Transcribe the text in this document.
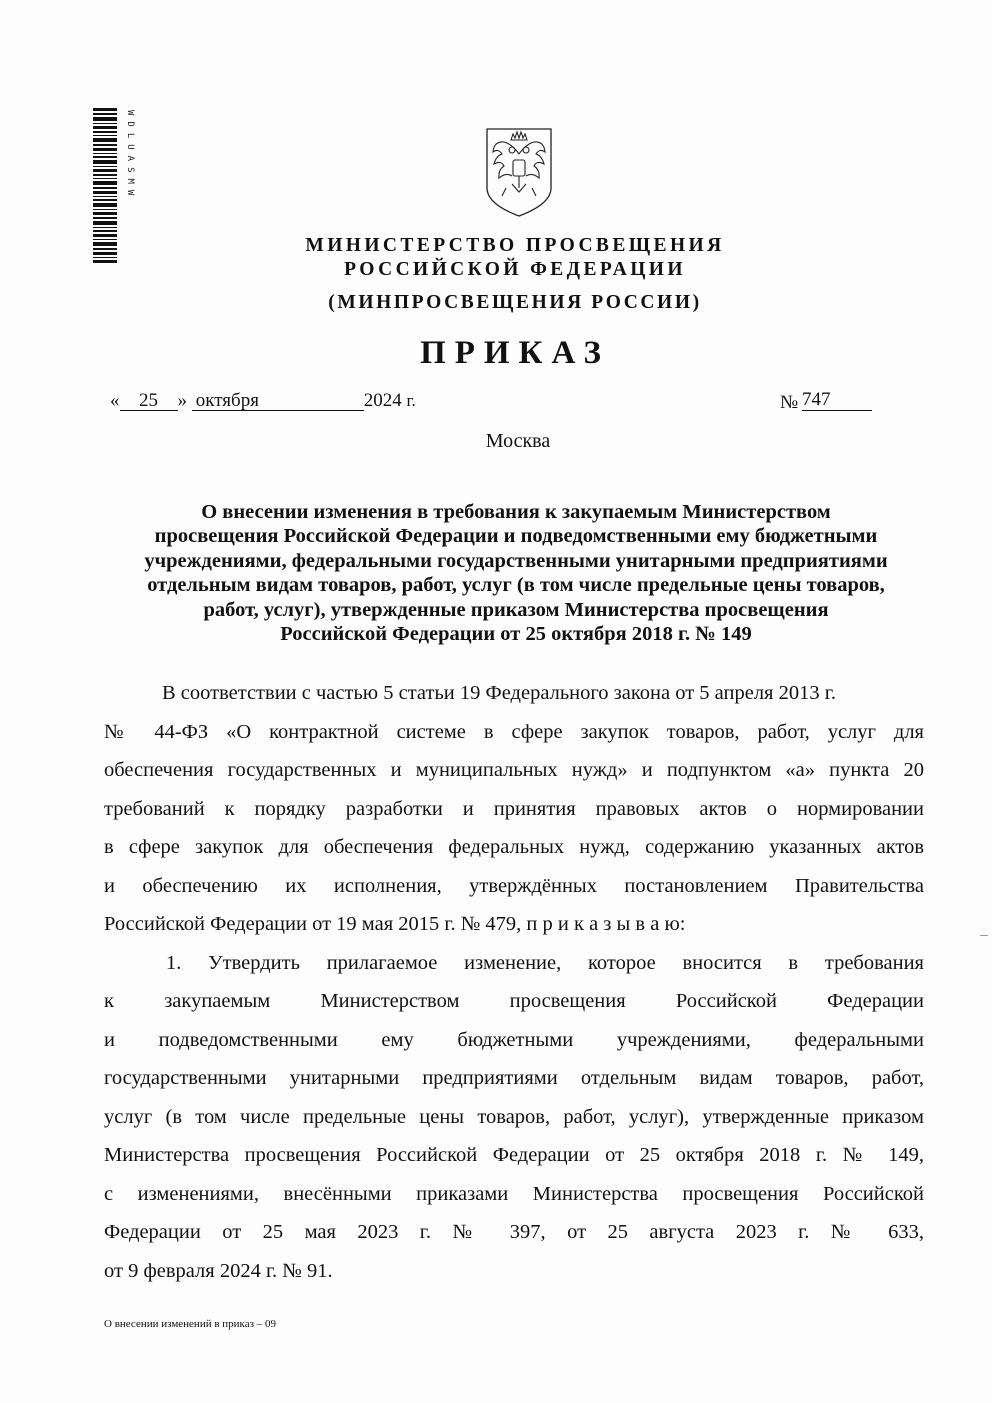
WDLUASMW
МИНИСТЕРСТВО ПРОСВЕЩЕНИЯ
РОССИЙСКОЙ ФЕДЕРАЦИИ
(МИНПРОСВЕЩЕНИЯ РОССИИ)
ПРИКАЗ
« 25 » октября	2024 г.	№ 747
Москва
О внесении изменения в требования к закупаемым Министерством
просвещения Российской Федерации и подведомственными ему бюджетными
учреждениями, федеральными государственными унитарными предприятиями
отдельным видам товаров, работ, услуг (в том числе предельные цены товаров,
работ, услуг), утвержденные приказом Министерства просвещения
Российской Федерации от 25 октября 2018 г. № 149
В соответствии с частью 5 статьи 19 Федерального закона от 5 апреля 2013 г.
№ 44-ФЗ «О контрактной системе в сфере закупок товаров, работ, услуг для
обеспечения государственных и муниципальных нужд» и подпунктом «а» пункта 20
требований к порядку разработки и принятия правовых актов о нормировании
в сфере закупок для обеспечения федеральных нужд, содержанию указанных актов
и обеспечению их исполнения, утверждённых постановлением Правительства
Российской Федерации от 19 мая 2015 г. № 479, п р и к а з ы в а ю:
1. Утвердить прилагаемое изменение, которое вносится в требования
к закупаемым Министерством просвещения Российской Федерации
и подведомственными ему бюджетными учреждениями, федеральными
государственными унитарными предприятиями отдельным видам товаров, работ,
услуг (в том числе предельные цены товаров, работ, услуг), утвержденные приказом
Министерства просвещения Российской Федерации от 25 октября 2018 г. № 149,
с изменениями, внесёнными приказами Министерства просвещения Российской
Федерации от 25 мая 2023 г. № 397, от 25 августа 2023 г. № 633,
от 9 февраля 2024 г. № 91.
О внесении изменений в приказ – 09
